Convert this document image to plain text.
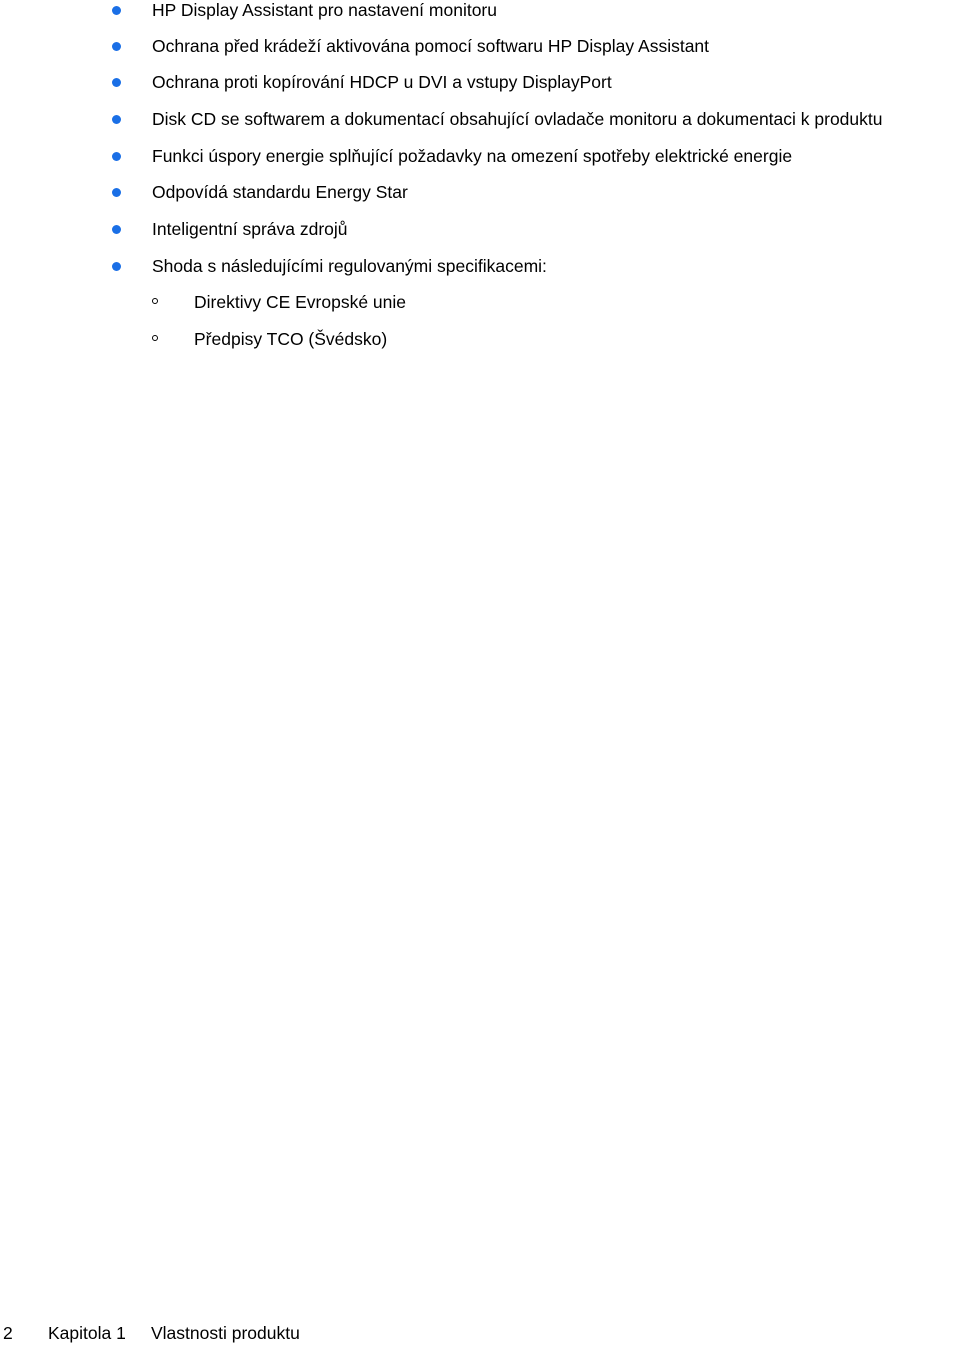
HP Display Assistant pro nastavení monitoru
Ochrana před krádeží aktivována pomocí softwaru HP Display Assistant
Ochrana proti kopírování HDCP u DVI a vstupy DisplayPort
Disk CD se softwarem a dokumentací obsahující ovladače monitoru a dokumentaci k produktu
Funkci úspory energie splňující požadavky na omezení spotřeby elektrické energie
Odpovídá standardu Energy Star
Inteligentní správa zdrojů
Shoda s následujícími regulovanými specifikacemi:
Direktivy CE Evropské unie
Předpisy TCO (Švédsko)
2 Kapitola 1 Vlastnosti produktu
